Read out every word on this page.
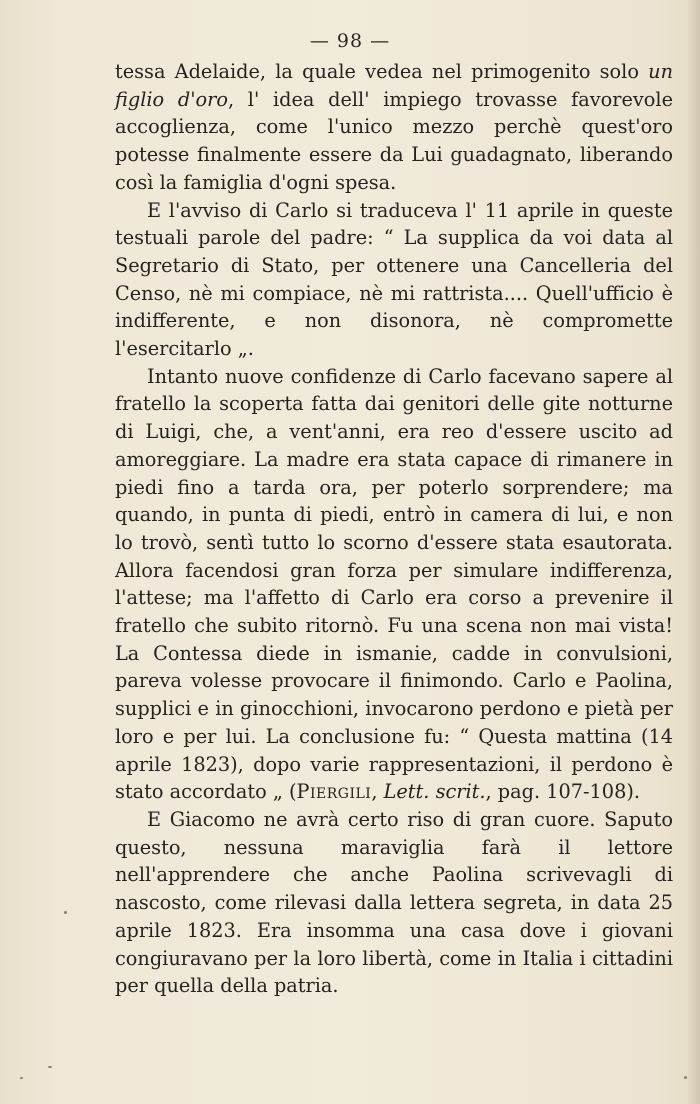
— 98 —

tessa Adelaide, la quale vedea nel primogenito solo un figlio d'oro, l' idea dell' impiego trovasse favorevole accoglienza, come l'unico mezzo perchè quest'oro potesse finalmente essere da Lui guadagnato, liberando così la famiglia d'ogni spesa.

E l'avviso di Carlo si traduceva l' 11 aprile in queste testuali parole del padre: “ La supplica da voi data al Segretario di Stato, per ottenere una Cancelleria del Censo, nè mi compiace, nè mi rattrista.... Quell'ufficio è indifferente, e non disonora, nè compromette l'esercitarlo „.

Intanto nuove confidenze di Carlo facevano sapere al fratello la scoperta fatta dai genitori delle gite notturne di Luigi, che, a vent'anni, era reo d'essere uscito ad amoreggiare. La madre era stata capace di rimanere in piedi fino a tarda ora, per poterlo sorprendere; ma quando, in punta di piedi, entrò in camera di lui, e non lo trovò, sentì tutto lo scorno d'essere stata esautorata. Allora facendosi gran forza per simulare indifferenza, l'attese; ma l'affetto di Carlo era corso a prevenire il fratello che subito ritornò. Fu una scena non mai vista! La Contessa diede in ismanie, cadde in convulsioni, pareva volesse provocare il finimondo. Carlo e Paolina, supplici e in ginocchioni, invocarono perdono e pietà per loro e per lui. La conclusione fu: “ Questa mattina (14 aprile 1823), dopo varie rappresentazioni, il perdono è stato accordato „ (Piergili, Lett. scrit., pag. 107-108).

E Giacomo ne avrà certo riso di gran cuore. Saputo questo, nessuna maraviglia farà il lettore nell'apprendere che anche Paolina scrivevagli di nascosto, come rilevasi dalla lettera segreta, in data 25 aprile 1823. Era insomma una casa dove i giovani congiuravano per la loro libertà, come in Italia i cittadini per quella della patria.
